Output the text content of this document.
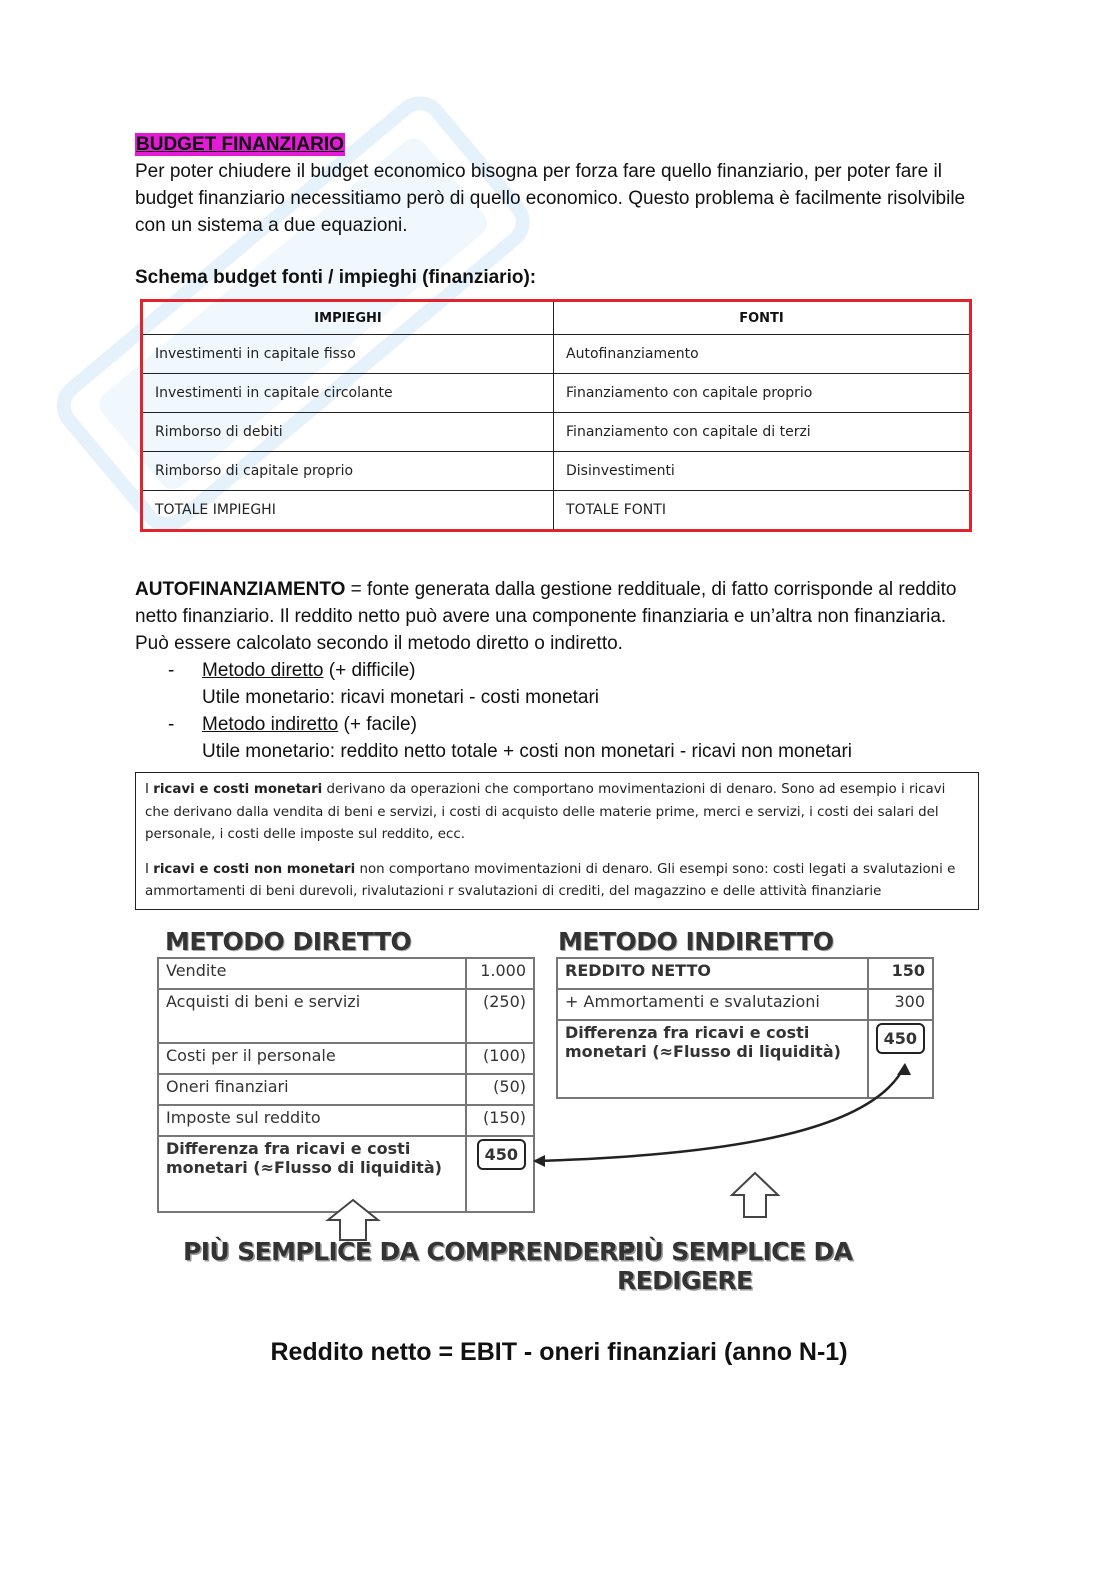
BUDGET FINANZIARIO

Per poter chiudere il budget economico bisogna per forza fare quello finanziario, per poter fare il budget finanziario necessitiamo però di quello economico. Questo problema è facilmente risolvibile con un sistema a due equazioni.

Schema budget fonti / impieghi (finanziario):
IMPIEGHI	FONTI
Investimenti in capitale fisso	Autofinanziamento
Investimenti in capitale circolante	Finanziamento con capitale proprio
Rimborso di debiti	Finanziamento con capitale di terzi
Rimborso di capitale proprio	Disinvestimenti
TOTALE IMPIEGHI	TOTALE FONTI

AUTOFINANZIAMENTO = fonte generata dalla gestione reddituale, di fatto corrisponde al reddito netto finanziario. Il reddito netto può avere una componente finanziaria e un’altra non finanziaria. Può essere calcolato secondo il metodo diretto o indiretto.

- Metodo diretto (+ difficile)
Utile monetario: ricavi monetari - costi monetari
- Metodo indiretto (+ facile)
Utile monetario: reddito netto totale + costi non monetari - ricavi non monetari
I ricavi e costi monetari derivano da operazioni che comportano movimentazioni di denaro. Sono ad esempio i ricavi che derivano dalla vendita di beni e servizi, i costi di acquisto delle materie prime, merci e servizi, i costi dei salari del personale, i costi delle imposte sul reddito, ecc.
I ricavi e costi non monetari non comportano movimentazioni di denaro. Gli esempi sono: costi legati a svalutazioni e ammortamenti di beni durevoli, rivalutazioni r svalutazioni di crediti, del magazzino e delle attività finanziarie
METODO DIRETTO	METODO INDIRETTO
Vendite	1.000
Acquisti di beni e servizi	(250)
Costi per il personale	(100)
Oneri finanziari	(50)
Imposte sul reddito	(150)
Differenza fra ricavi e costi monetari (≈Flusso di liquidità)	450
REDDITO NETTO	150
+ Ammortamenti e svalutazioni	300
Differenza fra ricavi e costi monetari (≈Flusso di liquidità)	450
PIÙ SEMPLICE DA COMPRENDERE
PIÙ SEMPLICE DA REDIGERE
Reddito netto = EBIT - oneri finanziari (anno N-1)
